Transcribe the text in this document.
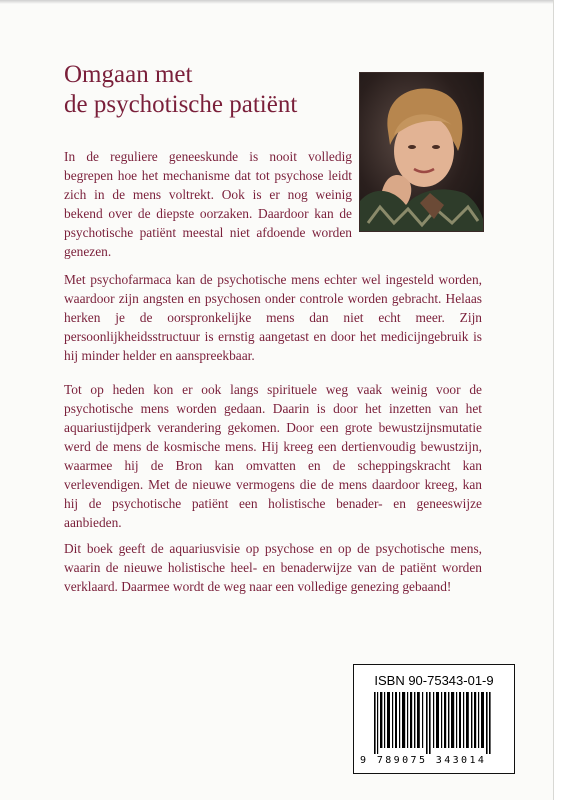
Omgaan met
de psychotische patiënt

In de reguliere geneeskunde is nooit volledig begrepen hoe het mechanisme dat tot psychose leidt zich in de mens voltrekt. Ook is er nog weinig bekend over de diepste oorzaken. Daardoor kan de psychotische patiënt meestal niet afdoende worden genezen.

Met psychofarmaca kan de psychotische mens echter wel ingesteld worden, waardoor zijn angsten en psychosen onder controle worden gebracht. Helaas herken je de oorspronkelijke mens dan niet echt meer. Zijn persoonlijkheidsstructuur is ernstig aangetast en door het medicijngebruik is hij minder helder en aanspreekbaar.

Tot op heden kon er ook langs spirituele weg vaak weinig voor de psychotische mens worden gedaan. Daarin is door het inzetten van het aquariustijdperk verandering gekomen. Door een grote bewustzijnsmutatie werd de mens de kosmische mens. Hij kreeg een dertienvoudig bewustzijn, waarmee hij de Bron kan omvatten en de scheppingskracht kan verlevendigen. Met de nieuwe vermogens die de mens daardoor kreeg, kan hij de psychotische patiënt een holistische benader- en geneeswijze aanbieden.

Dit boek geeft de aquariusvisie op psychose en op de psychotische mens, waarin de nieuwe holistische heel- en benaderwijze van de patiënt worden verklaard. Daarmee wordt de weg naar een volledige genezing gebaand!

ISBN 90-75343-01-9
9 789075 343014
